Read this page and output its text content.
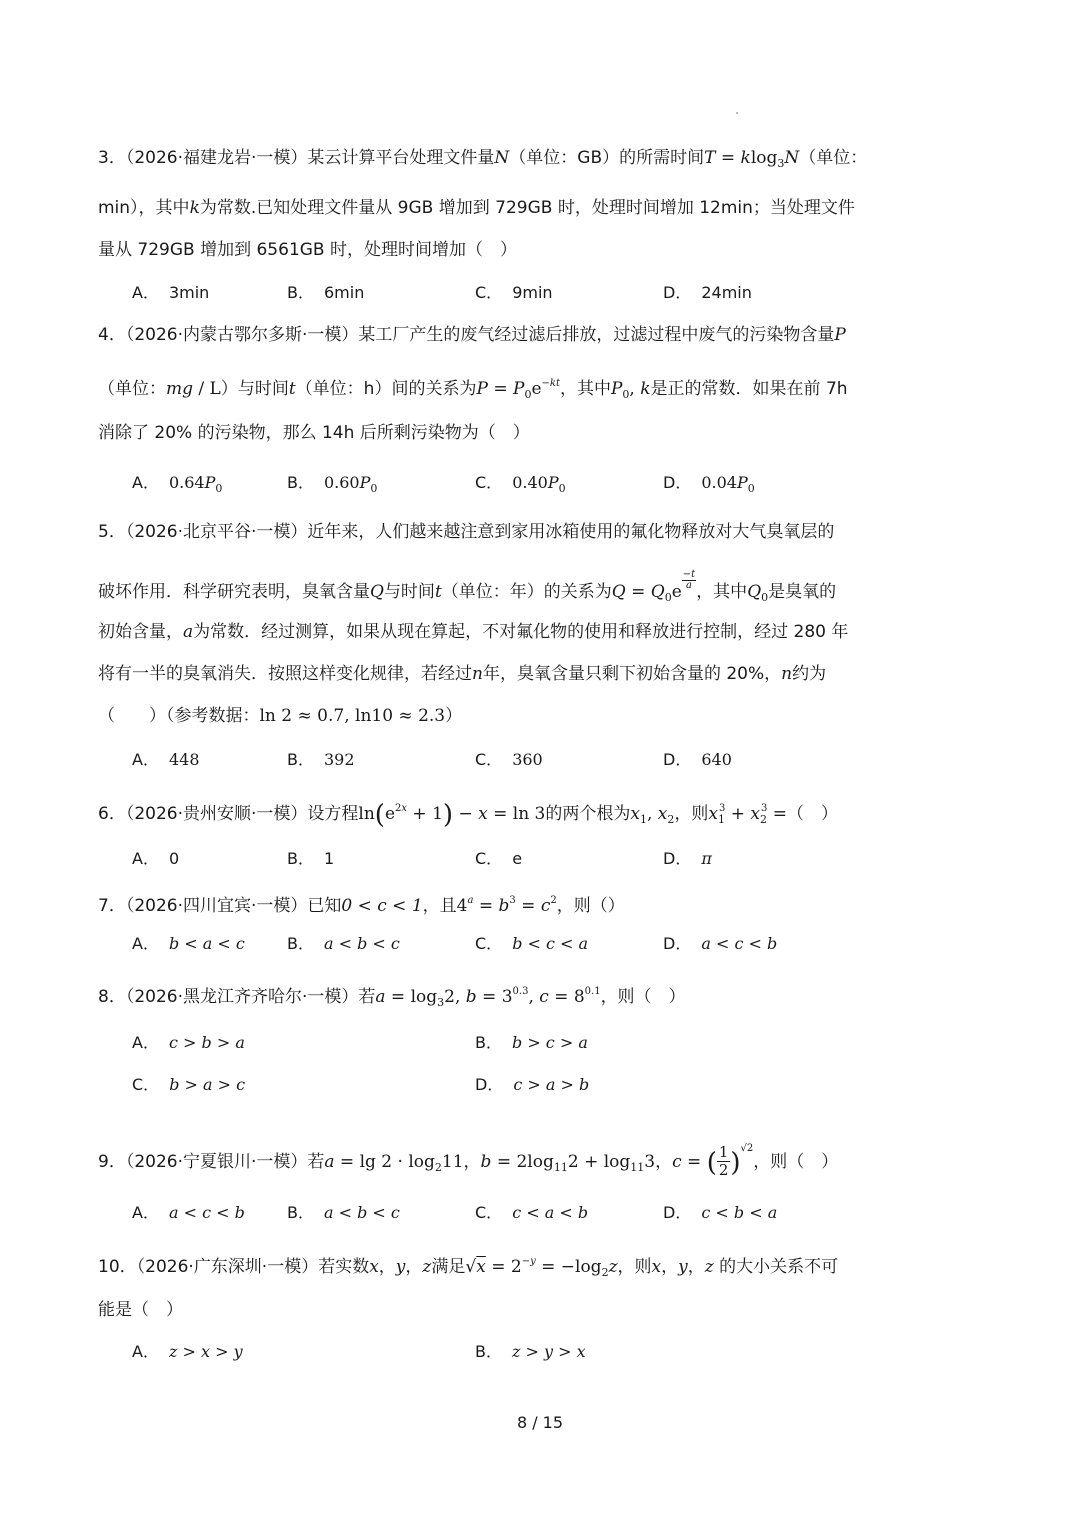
3．（2026·福建龙岩·一模）某云计算平台处理文件量N（单位：GB）的所需时间T = klog$_3$N（单位：
min），其中k为常数.已知处理文件量从 9GB 增加到 729GB 时，处理时间增加 12min；当处理文件
量从 729GB 增加到 6561GB 时，处理时间增加（　）
A． 3min	B． 6min	C． 9min	D． 24min
4．（2026·内蒙古鄂尔多斯·一模）某工厂产生的废气经过滤后排放，过滤过程中废气的污染物含量P
（单位：mg / L）与时间t（单位：h）间的关系为$P = P_0e^{-kt}$，其中$P_0$, k是正的常数．如果在前 7h
消除了 20% 的污染物，那么 14h 后所剩污染物为（　）
A． $0.64P_0$	B． $0.60P_0$	C． $0.40P_0$	D． $0.04P_0$
5．（2026·北京平谷·一模）近年来，人们越来越注意到家用冰箱使用的氟化物释放对大气臭氧层的
破坏作用．科学研究表明，臭氧含量Q与时间t（单位：年）的关系为$Q = Q_0e$
$\frac{-t}{a}$
，其中$Q_0$是臭氧的
初始含量，a为常数．经过测算，如果从现在算起，不对氟化物的使用和释放进行控制，经过 280 年
将有一半的臭氧消失．按照这样变化规律，若经过n年，臭氧含量只剩下初始含量的 20%，n约为
（　　）（参考数据：ln 2 ≈ 0.7, ln10 ≈ 2.3）
A． 448	B． 392	C． 360	D． 640
6．（2026·贵州安顺·一模）设方程$\ln(e^{2x} + 1) - x = \ln 3$的两个根为$x_1$, $x_2$，则$x_1^3 + x_2^3$ =（　）
A． 0	B． 1	C． e	D． π
7．（2026·四川宜宾·一模）已知0 < c < 1，且$4^a = b^3 = c^2$，则（）
A． b < a < c	B． a < b < c	C． b < c < a	D． a < c < b
8．（2026·黑龙江齐齐哈尔·一模）若$a = \log_32$, $b = 3^{0.3}$, $c = 8^{0.1}$，则（　）
A． c > b > a	B． b > c > a
C． b > a > c	D． c > a > b
9．（2026·宁夏银川·一模）若$a = \lg 2 \cdot \log_211$，$b = 2\log_{11}2 + \log_{11}3$，c = ( $\frac{1}{2})^{√2}$，则（　）
A． a < c < b	B． a < b < c	C． c < a < b	D． c < b < a
10．（2026·广东深圳·一模）若实数x，y，z满足$√x = 2^{-y} = -\log_2z$，则x，y，z 的大小关系不可
能是（　）
A． z > x > y	B． z > y > x
8 / 15
